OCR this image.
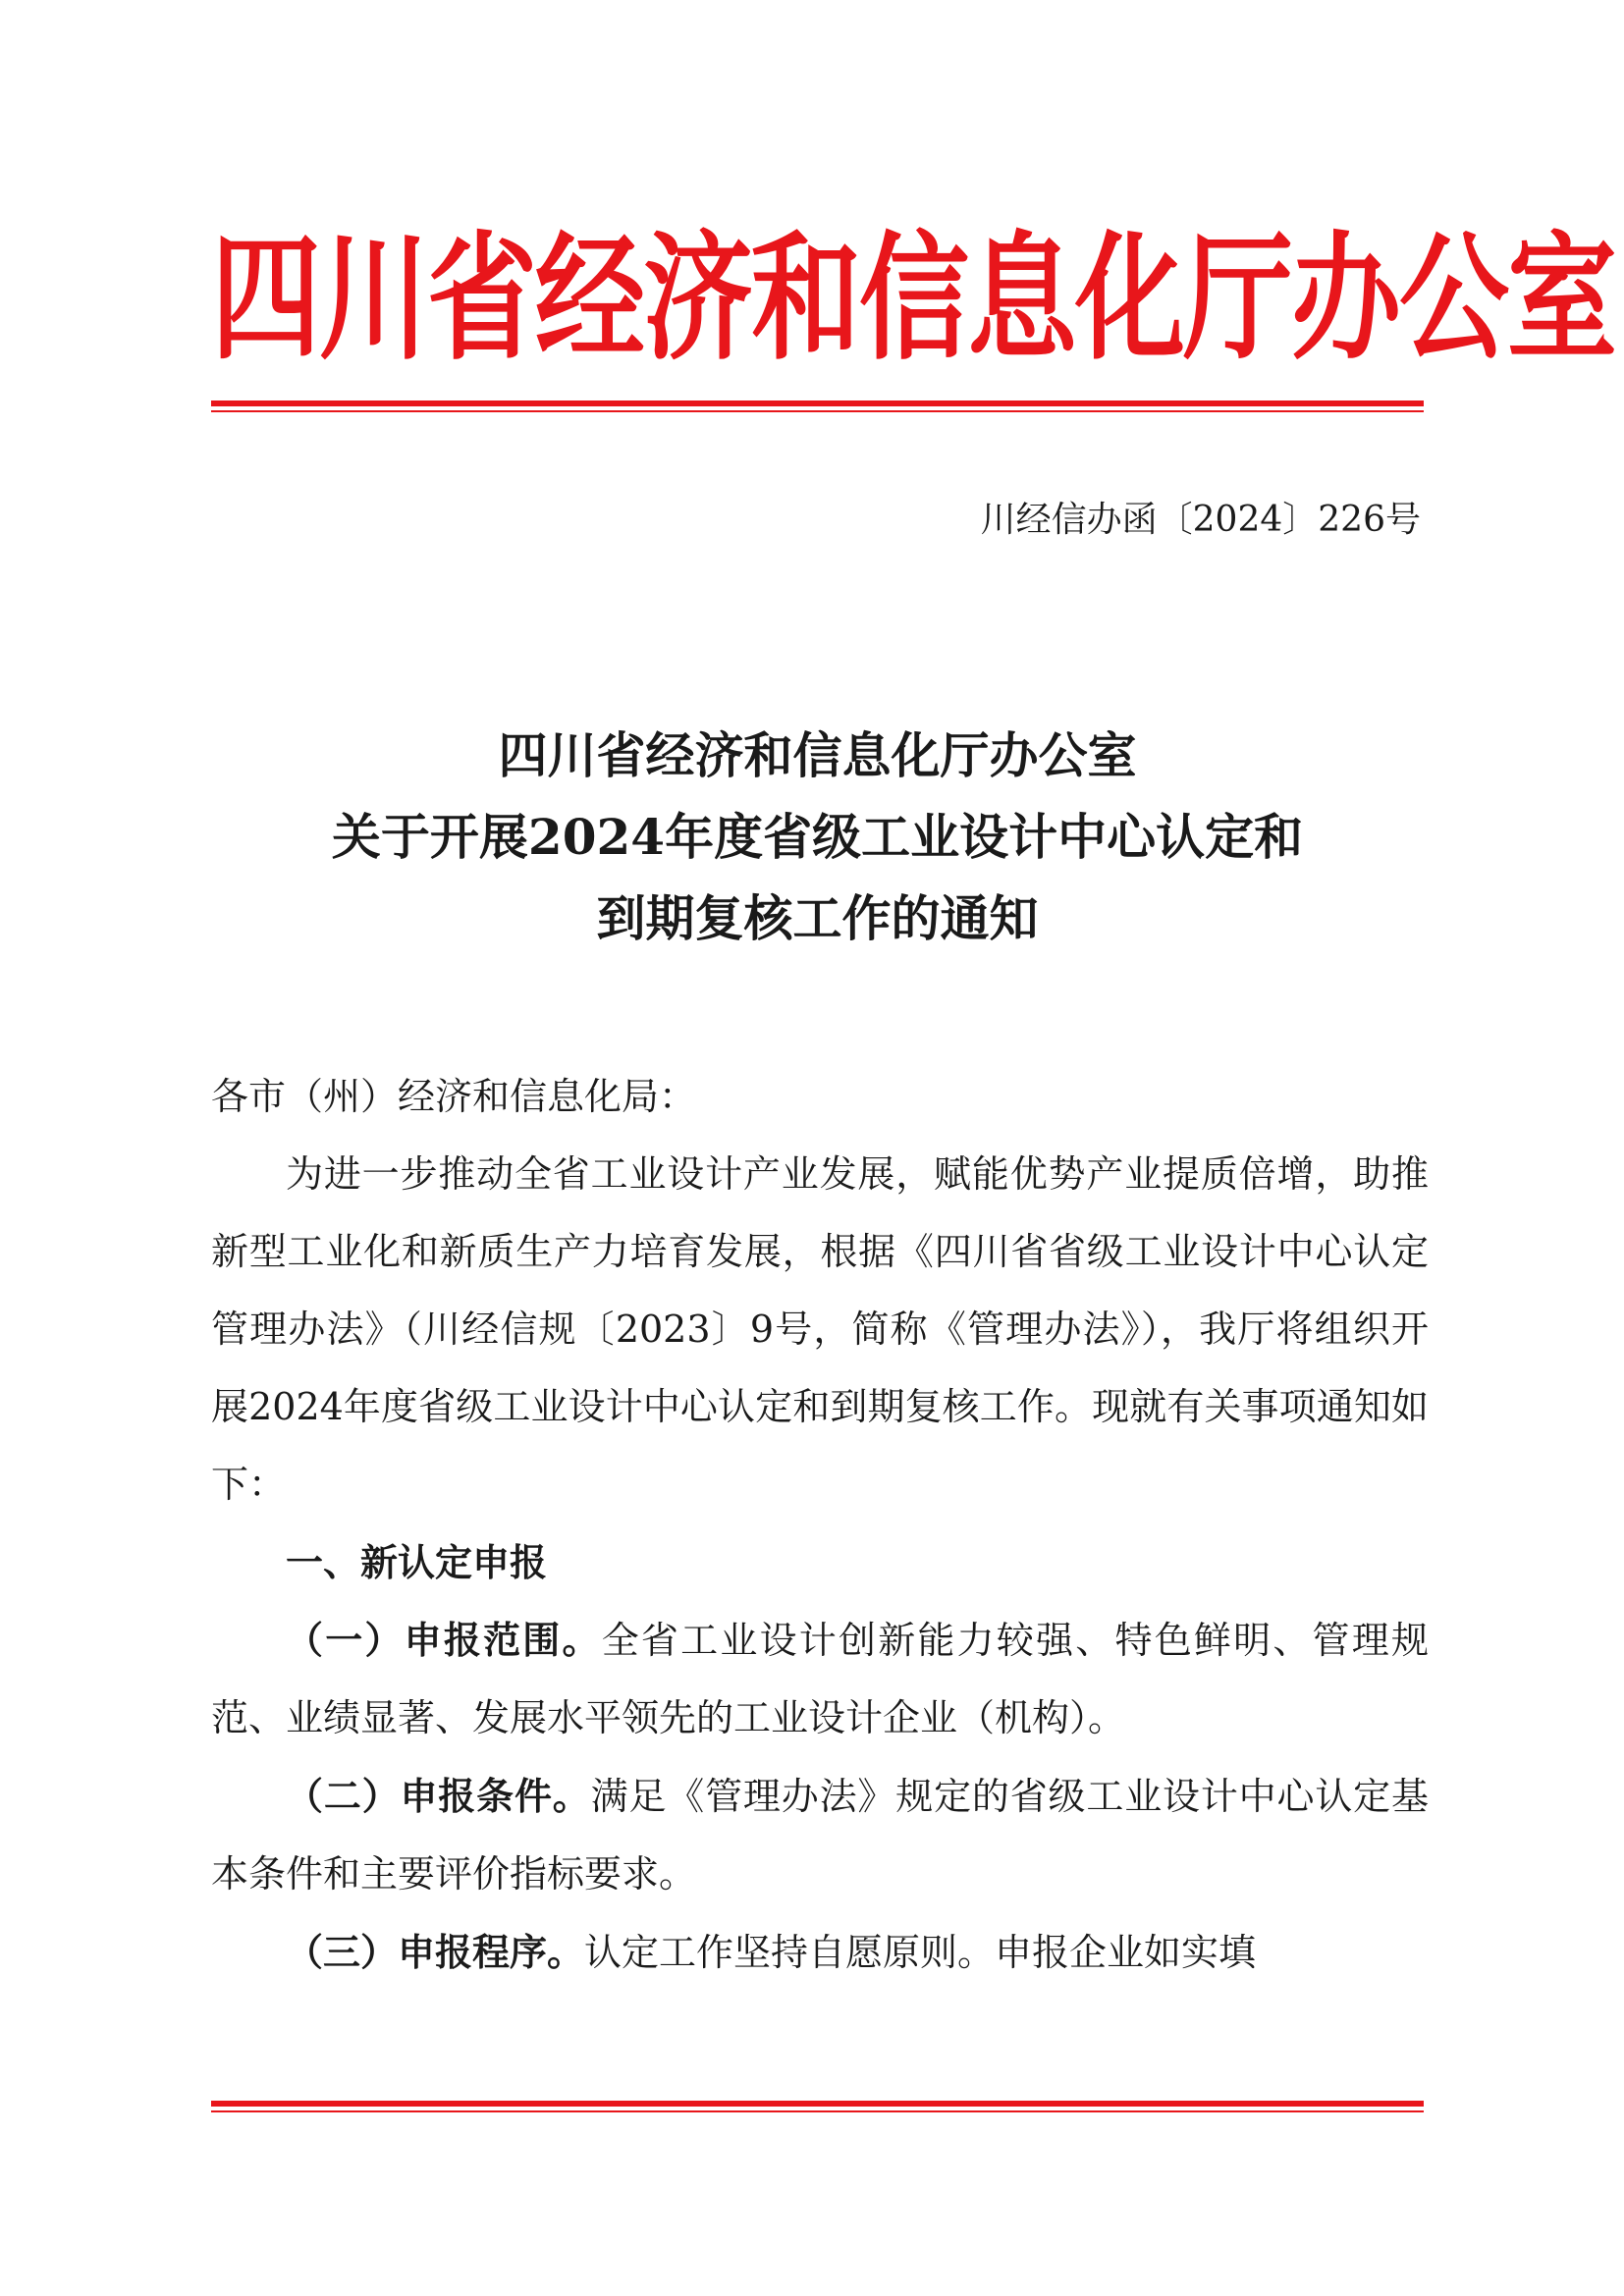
四川省经济和信息化厅办公室
川经信办函〔2024〕226号
四川省经济和信息化厅办公室
关于开展2024年度省级工业设计中心认定和
到期复核工作的通知

各市（州）经济和信息化局：

为进一步推动全省工业设计产业发展，赋能优势产业提质倍增，助推新型工业化和新质生产力培育发展，根据《四川省省级工业设计中心认定管理办法》（川经信规〔2023〕9号，简称《管理办法》），我厅将组织开展2024年度省级工业设计中心认定和到期复核工作。现就有关事项通知如下：

一、新认定申报

（一）申报范围。全省工业设计创新能力较强、特色鲜明、管理规范、业绩显著、发展水平领先的工业设计企业（机构）。

（二）申报条件。满足《管理办法》规定的省级工业设计中心认定基本条件和主要评价指标要求。

（三）申报程序。认定工作坚持自愿原则。申报企业如实填
